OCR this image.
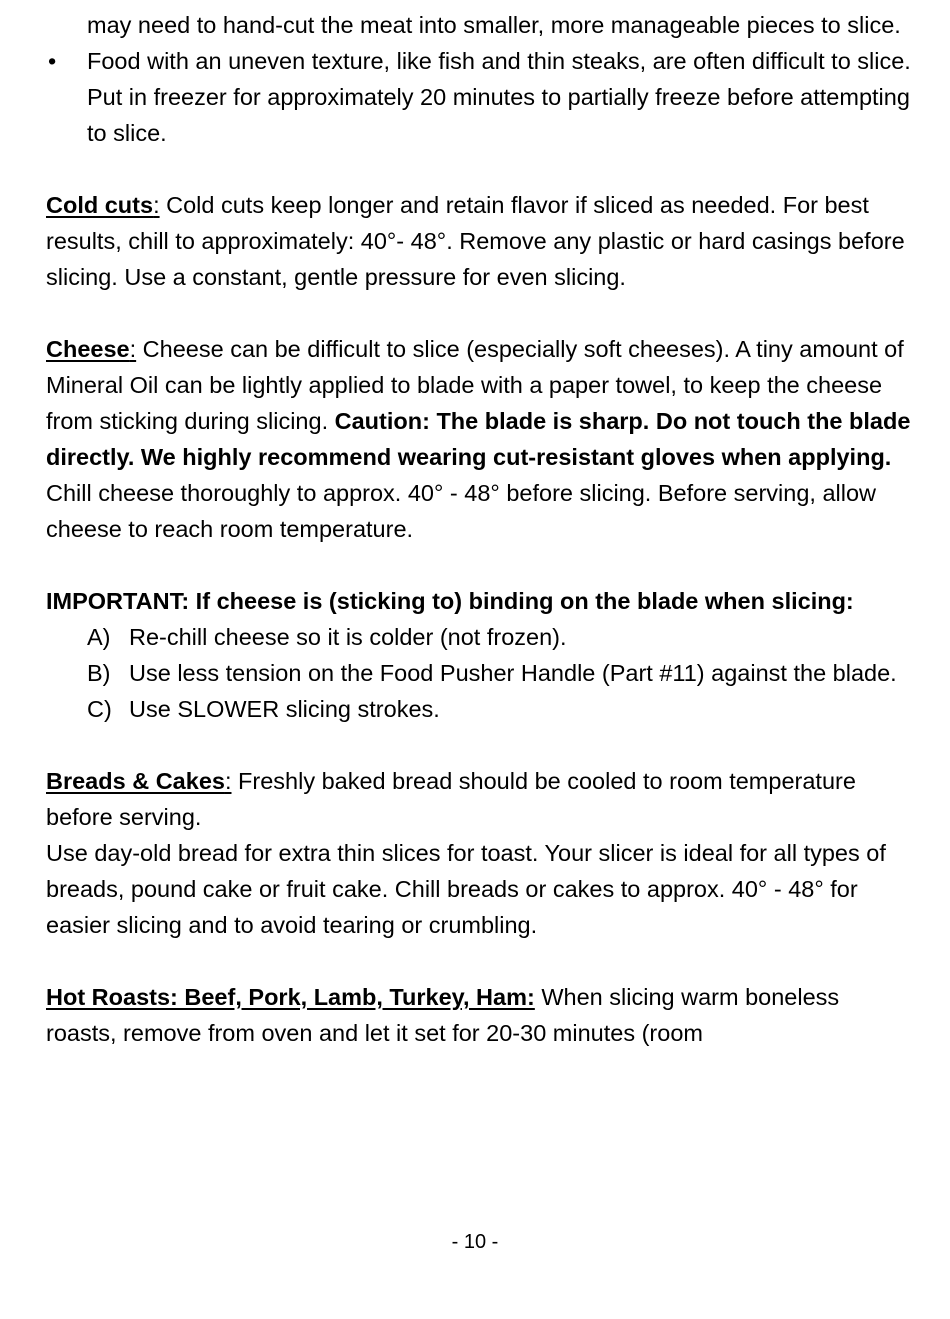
may need to hand-cut the meat into smaller, more manageable pieces to slice.

•	Food with an uneven texture, like fish and thin steaks, are often difficult to slice. Put in freezer for approximately 20 minutes to partially freeze before attempting to slice.

Cold cuts: Cold cuts keep longer and retain flavor if sliced as needed. For best results, chill to approximately: 40°- 48°. Remove any plastic or hard casings before slicing. Use a constant, gentle pressure for even slicing.

Cheese: Cheese can be difficult to slice (especially soft cheeses). A tiny amount of Mineral Oil can be lightly applied to blade with a paper towel, to keep the cheese from sticking during slicing. Caution: The blade is sharp. Do not touch the blade directly. We highly recommend wearing cut-resistant gloves when applying. Chill cheese thoroughly to approx. 40° - 48° before slicing. Before serving, allow cheese to reach room temperature.

IMPORTANT: If cheese is (sticking to) binding on the blade when slicing:

A) Re-chill cheese so it is colder (not frozen).
B) Use less tension on the Food Pusher Handle (Part #11) against the blade.
C) Use SLOWER slicing strokes.

Breads & Cakes: Freshly baked bread should be cooled to room temperature before serving.

Use day-old bread for extra thin slices for toast. Your slicer is ideal for all types of breads, pound cake or fruit cake. Chill breads or cakes to approx. 40° - 48° for easier slicing and to avoid tearing or crumbling.

Hot Roasts: Beef, Pork, Lamb, Turkey, Ham: When slicing warm boneless roasts, remove from oven and let it set for 20-30 minutes (room

- 10 -
